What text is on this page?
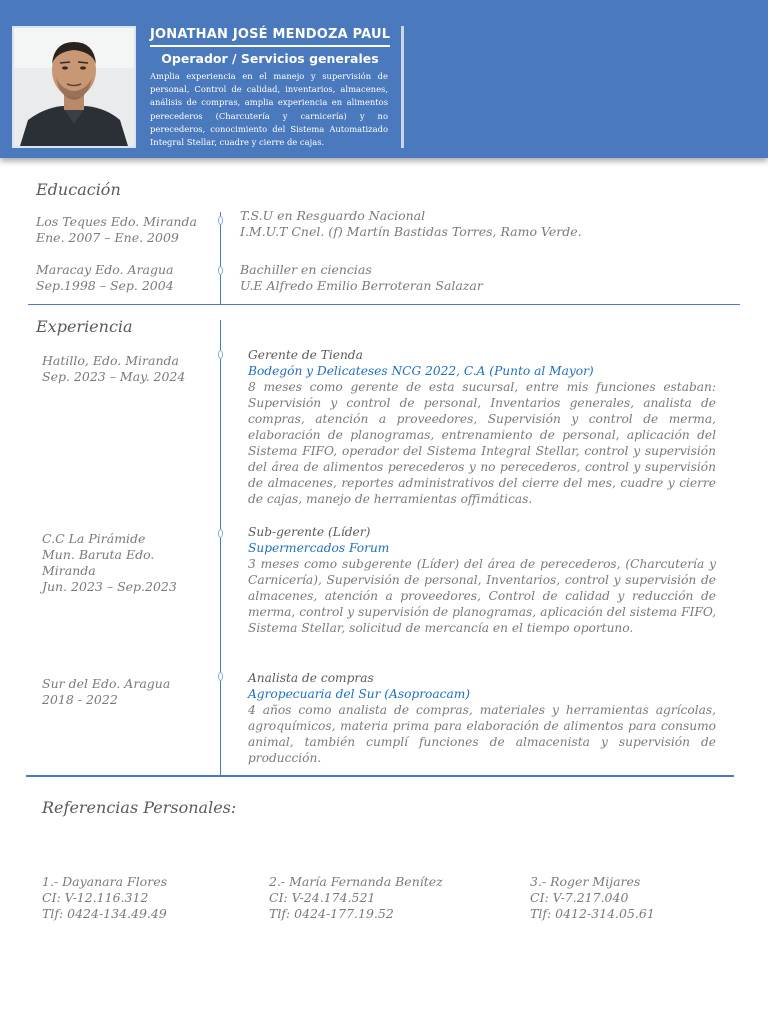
JONATHAN JOSÉ MENDOZA PAUL
Operador / Servicios generales
Amplia experiencia en el manejo y supervisión de personal, Control de calidad, inventarios, almacenes, análisis de compras, amplia experiencia en alimentos perecederos (Charcutería y carnicería) y no perecederos, conocimiento del Sistema Automatizado Integral Stellar, cuadre y cierre de cajas.
Educación
Los Teques Edo. Miranda
Ene. 2007 – Ene. 2009
T.S.U en Resguardo Nacional
I.M.U.T Cnel. (f) Martín Bastidas Torres, Ramo Verde.
Maracay Edo. Aragua
Sep.1998 – Sep. 2004
Bachiller en ciencias
U.E Alfredo Emilio Berroteran Salazar
Experiencia
Hatillo, Edo. Miranda
Sep. 2023 – May. 2024
Gerente de Tienda
Bodegón y Delicateses NCG 2022, C.A (Punto al Mayor)
8 meses como gerente de esta sucursal, entre mis funciones estaban: Supervisión y control de personal, Inventarios generales, analista de compras, atención a proveedores, Supervisión y control de merma, elaboración de planogramas, entrenamiento de personal, aplicación del Sistema FIFO, operador del Sistema Integral Stellar, control y supervisión del área de alimentos perecederos y no perecederos, control y supervisión de almacenes, reportes administrativos del cierre del mes, cuadre y cierre de cajas, manejo de herramientas offimáticas.
C.C La Pirámide
Mun. Baruta Edo.
Miranda
Jun. 2023 – Sep.2023
Sub-gerente (Líder)
Supermercados Forum
3 meses como subgerente (Líder) del área de perecederos, (Charcutería y Carnicería), Supervisión de personal, Inventarios, control y supervisión de almacenes, atención a proveedores, Control de calidad y reducción de merma, control y supervisión de planogramas, aplicación del sistema FIFO, Sistema Stellar, solicitud de mercancía en el tiempo oportuno.
Sur del Edo. Aragua
2018 - 2022
Analista de compras
Agropecuaria del Sur (Asoproacam)
4 años como analista de compras, materiales y herramientas agrícolas, agroquímicos, materia prima para elaboración de alimentos para consumo animal, también cumplí funciones de almacenista y supervisión de producción.
Referencias Personales:
1.- Dayanara Flores
CI: V-12.116.312
Tlf: 0424-134.49.49
2.- María Fernanda Benítez
CI: V-24.174.521
Tlf: 0424-177.19.52
3.- Roger Mijares
CI: V-7.217.040
Tlf: 0412-314.05.61
